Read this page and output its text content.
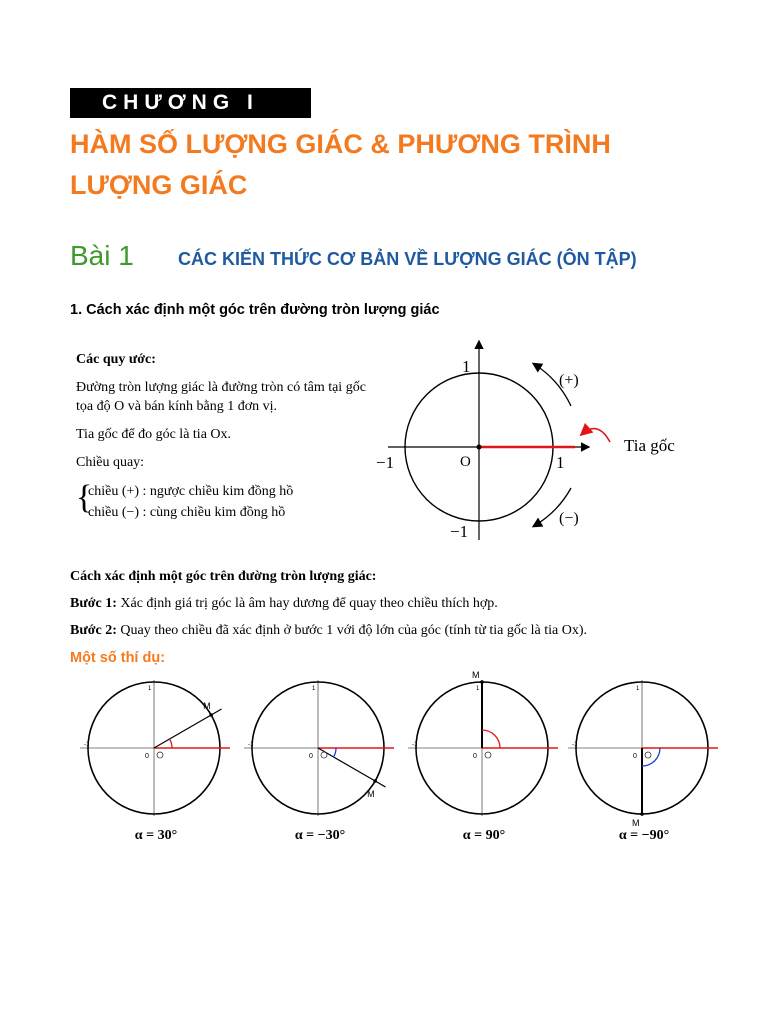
CHƯƠNG I
HÀM SỐ LƯỢNG GIÁC & PHƯƠNG TRÌNH LƯỢNG GIÁC
Bài 1 CÁC KIẾN THỨC CƠ BẢN VỀ LƯỢNG GIÁC (ÔN TẬP)
1. Cách xác định một góc trên đường tròn lượng giác

Các quy ước:

Đường tròn lượng giác là đường tròn có tâm tại gốc tọa độ O và bán kính bằng 1 đơn vị.

Tia gốc để đo góc là tia Ox.

Chiều quay:

{
chiều (+) : ngược chiều kim đồng hồ
chiều (−) : cùng chiều kim đồng hồ
1
−1
−1	1
O
(+)
(−)
Tia gốc

Cách xác định một góc trên đường tròn lượng giác:

Bước 1: Xác định giá trị góc là âm hay dương để quay theo chiều thích hợp.

Bước 2: Quay theo chiều đã xác định ở bước 1 với độ lớn của góc (tính từ tia gốc là tia Ox).

Một số thí dụ:
M
0
-1
1
α = 30°
M
0
-1
1
α = −30°
M
0
-1
1
α = 90°
M
0
-1
1
α = −90°
